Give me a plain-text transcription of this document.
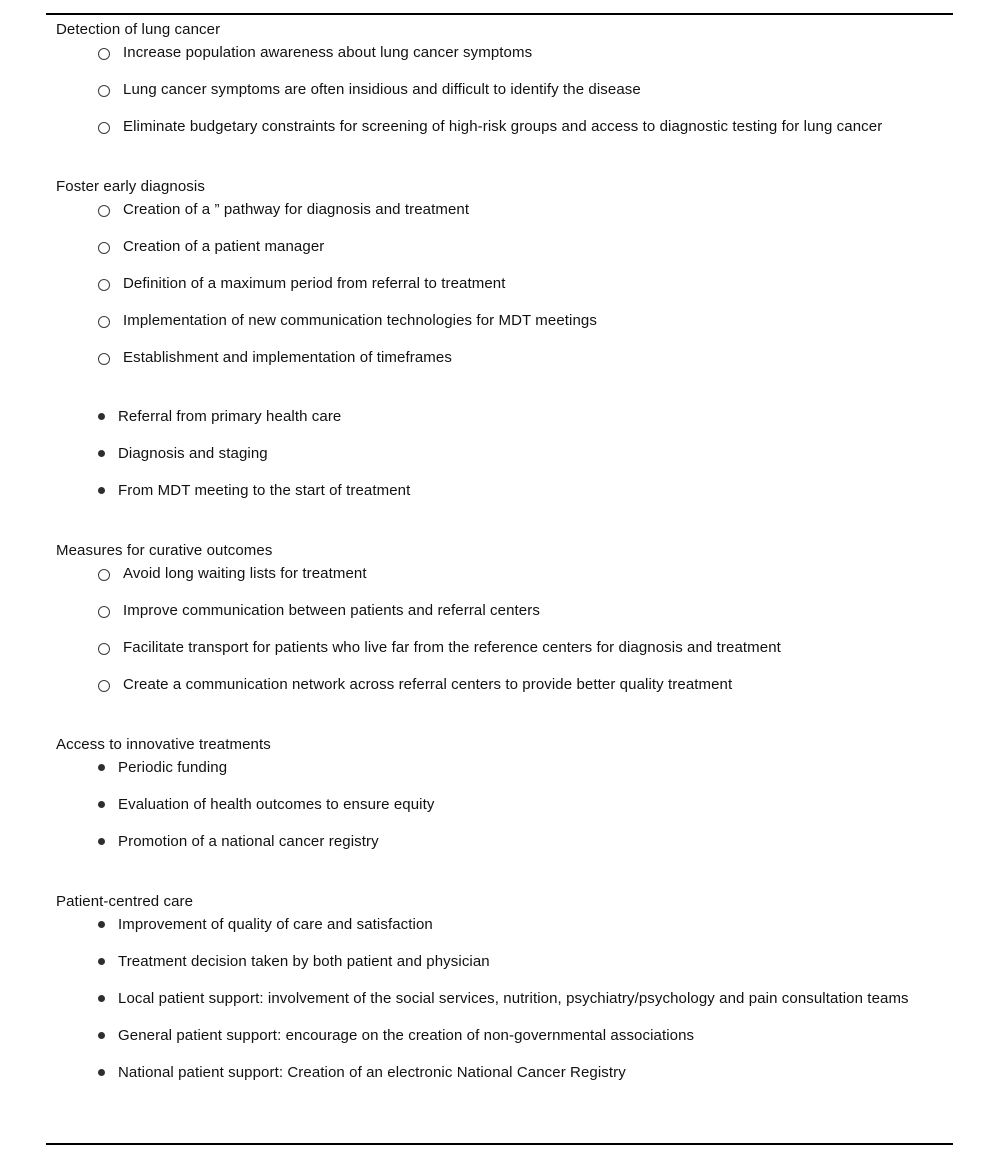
Detection of lung cancer
Increase population awareness about lung cancer symptoms
Lung cancer symptoms are often insidious and difficult to identify the disease
Eliminate budgetary constraints for screening of high-risk groups and access to diagnostic testing for lung cancer
Foster early diagnosis
Creation of a ” pathway for diagnosis and treatment
Creation of a patient manager
Definition of a maximum period from referral to treatment
Implementation of new communication technologies for MDT meetings
Establishment and implementation of timeframes
Referral from primary health care
Diagnosis and staging
From MDT meeting to the start of treatment
Measures for curative outcomes
Avoid long waiting lists for treatment
Improve communication between patients and referral centers
Facilitate transport for patients who live far from the reference centers for diagnosis and treatment
Create a communication network across referral centers to provide better quality treatment
Access to innovative treatments
Periodic funding
Evaluation of health outcomes to ensure equity
Promotion of a national cancer registry
Patient-centred care
Improvement of quality of care and satisfaction
Treatment decision taken by both patient and physician
Local patient support: involvement of the social services, nutrition, psychiatry/psychology and pain consultation teams
General patient support: encourage on the creation of non-governmental associations
National patient support: Creation of an electronic National Cancer Registry
